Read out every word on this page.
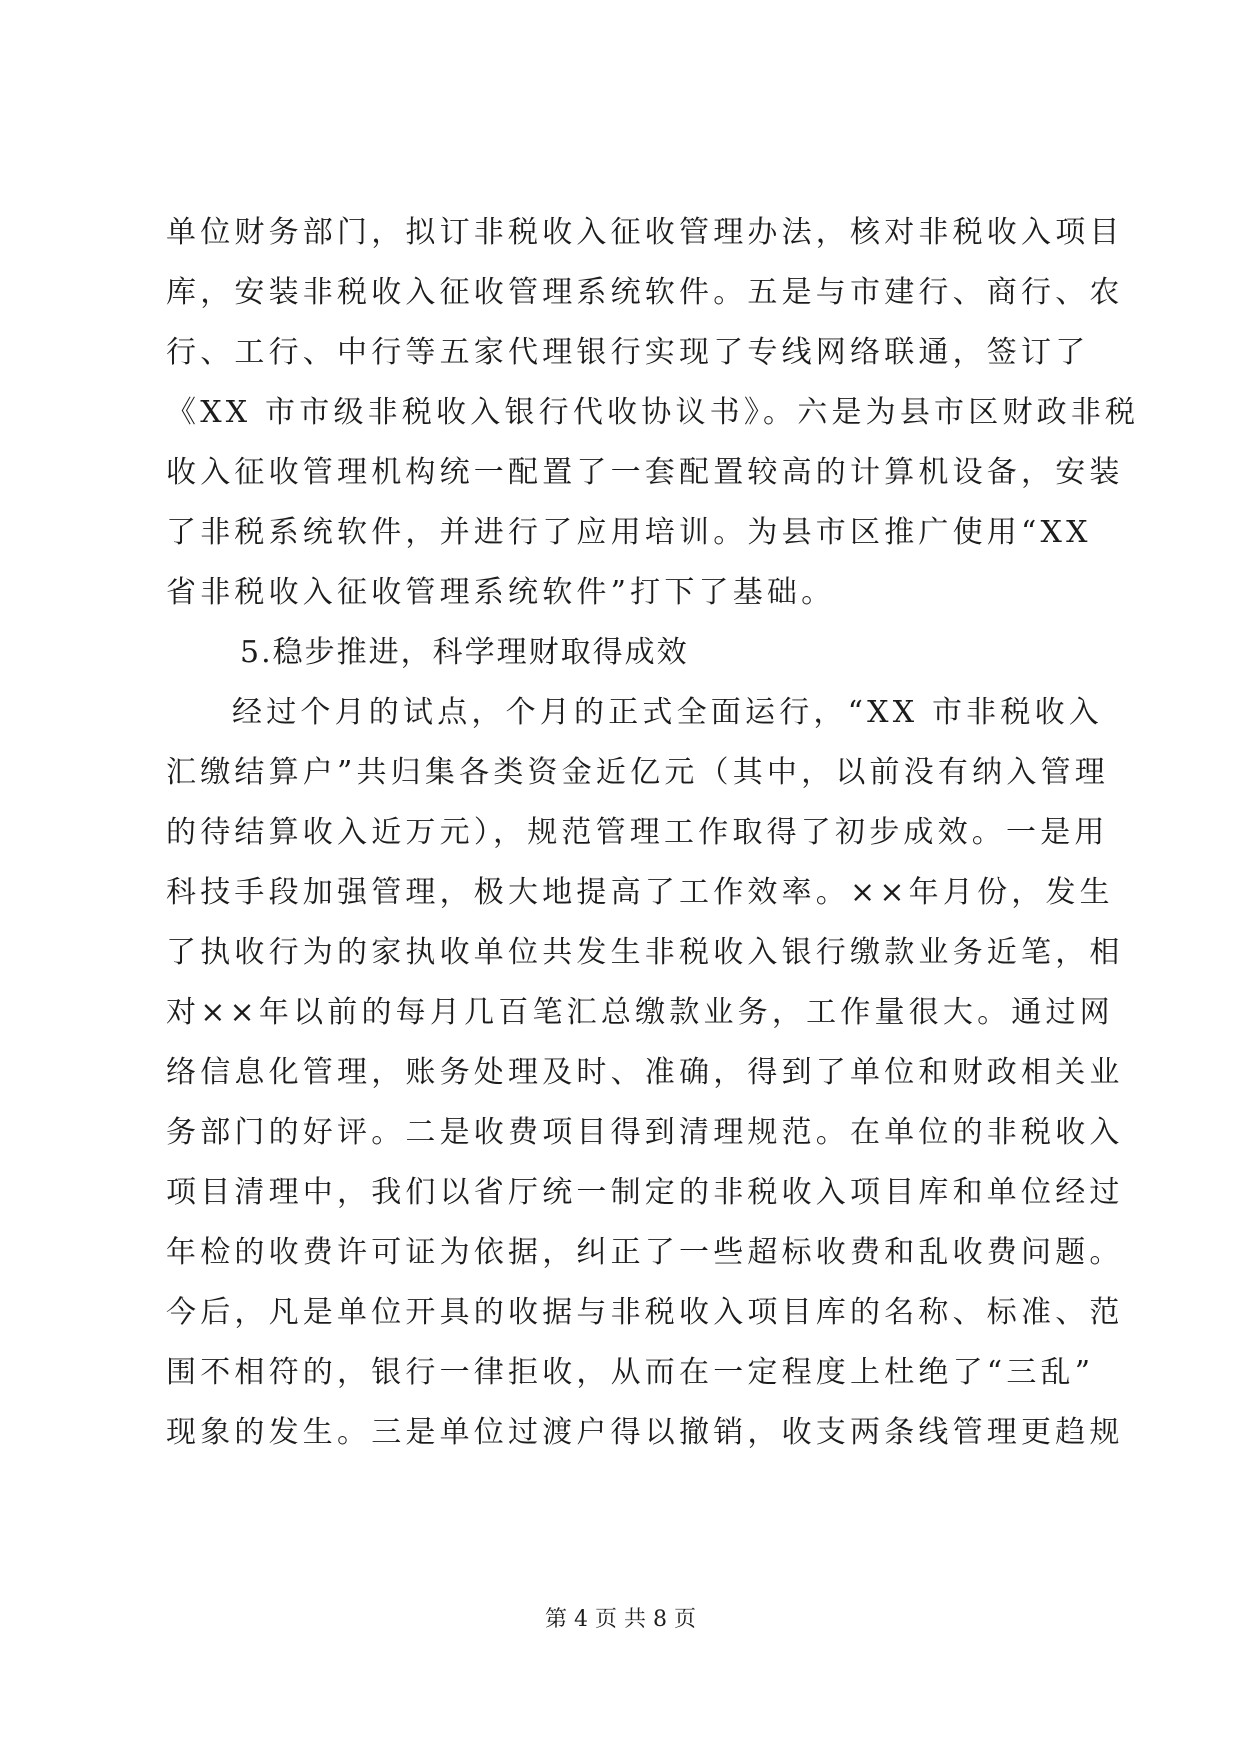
单位财务部门，拟订非税收入征收管理办法，核对非税收入项目
库，安装非税收入征收管理系统软件。五是与市建行、商行、农
行、工行、中行等五家代理银行实现了专线网络联通，签订了
《XX 市市级非税收入银行代收协议书》。六是为县市区财政非税
收入征收管理机构统一配置了一套配置较高的计算机设备，安装
了非税系统软件，并进行了应用培训。为县市区推广使用“XX
省非税收入征收管理系统软件”打下了基础。
5.稳步推进，科学理财取得成效
经过个月的试点，个月的正式全面运行，“XX 市非税收入
汇缴结算户”共归集各类资金近亿元（其中，以前没有纳入管理
的待结算收入近万元），规范管理工作取得了初步成效。一是用
科技手段加强管理，极大地提高了工作效率。××年月份，发生
了执收行为的家执收单位共发生非税收入银行缴款业务近笔，相
对××年以前的每月几百笔汇总缴款业务，工作量很大。通过网
络信息化管理，账务处理及时、准确，得到了单位和财政相关业
务部门的好评。二是收费项目得到清理规范。在单位的非税收入
项目清理中，我们以省厅统一制定的非税收入项目库和单位经过
年检的收费许可证为依据，纠正了一些超标收费和乱收费问题。
今后，凡是单位开具的收据与非税收入项目库的名称、标准、范
围不相符的，银行一律拒收，从而在一定程度上杜绝了“三乱”
现象的发生。三是单位过渡户得以撤销，收支两条线管理更趋规
第 4 页 共 8 页
